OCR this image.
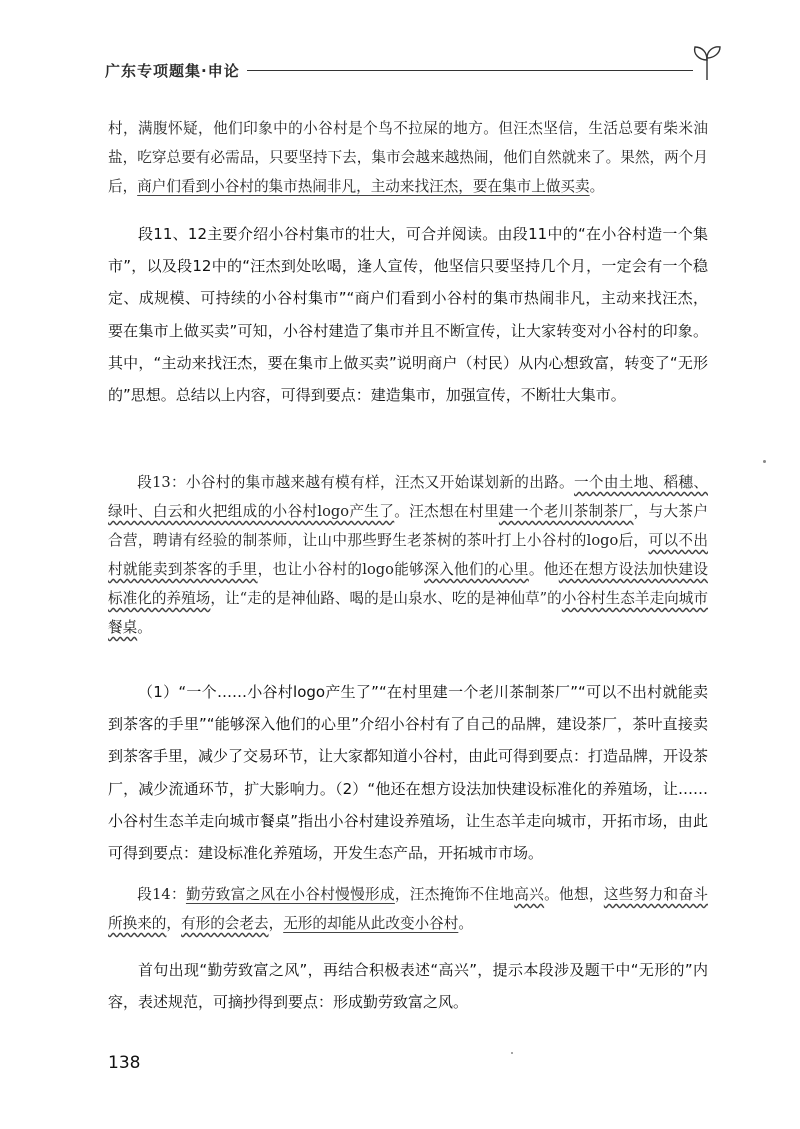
广东专项题集·申论

村，满腹怀疑，他们印象中的小谷村是个鸟不拉屎的地方。但汪杰坚信，生活总要有柴米油盐，吃穿总要有必需品，只要坚持下去，集市会越来越热闹，他们自然就来了。果然，两个月后，商户们看到小谷村的集市热闹非凡，主动来找汪杰，要在集市上做买卖。

段11、12主要介绍小谷村集市的壮大，可合并阅读。由段11中的“在小谷村造一个集市”，以及段12中的“汪杰到处吆喝，逢人宣传，他坚信只要坚持几个月，一定会有一个稳定、成规模、可持续的小谷村集市”“商户们看到小谷村的集市热闹非凡，主动来找汪杰，要在集市上做买卖”可知，小谷村建造了集市并且不断宣传，让大家转变对小谷村的印象。其中，“主动来找汪杰，要在集市上做买卖”说明商户（村民）从内心想致富，转变了“无形的”思想。总结以上内容，可得到要点：建造集市，加强宣传，不断壮大集市。

段13：小谷村的集市越来越有模有样，汪杰又开始谋划新的出路。一个由土地、稻穗、绿叶、白云和火把组成的小谷村logo产生了。汪杰想在村里建一个老川茶制茶厂，与大茶户合营，聘请有经验的制茶师，让山中那些野生老茶树的茶叶打上小谷村的logo后，可以不出村就能卖到茶客的手里，也让小谷村的logo能够深入他们的心里。他还在想方设法加快建设标准化的养殖场，让“走的是神仙路、喝的是山泉水、吃的是神仙草”的小谷村生态羊走向城市餐桌。

（1）“一个……小谷村logo产生了”“在村里建一个老川茶制茶厂”“可以不出村就能卖到茶客的手里”“能够深入他们的心里”介绍小谷村有了自己的品牌，建设茶厂，茶叶直接卖到茶客手里，减少了交易环节，让大家都知道小谷村，由此可得到要点：打造品牌，开设茶厂，减少流通环节，扩大影响力。（2）“他还在想方设法加快建设标准化的养殖场，让……小谷村生态羊走向城市餐桌”指出小谷村建设养殖场，让生态羊走向城市，开拓市场，由此可得到要点：建设标准化养殖场，开发生态产品，开拓城市市场。

段14：勤劳致富之风在小谷村慢慢形成，汪杰掩饰不住地高兴。他想，这些努力和奋斗所换来的，有形的会老去，无形的却能从此改变小谷村。

首句出现“勤劳致富之风”，再结合积极表述“高兴”，提示本段涉及题干中“无形的”内容，表述规范，可摘抄得到要点：形成勤劳致富之风。

138
